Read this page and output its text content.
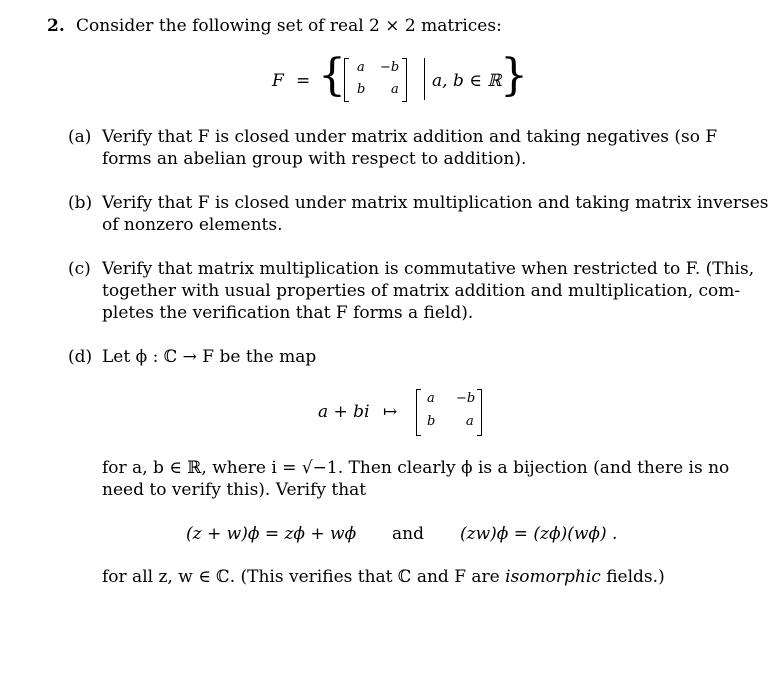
2. Consider the following set of real 2 × 2 matrices:
F = { a −b
b a a, b ∈ ℝ
}
(a) Verify that F is closed under matrix addition and taking negatives (so F
forms an abelian group with respect to addition).
(b) Verify that F is closed under matrix multiplication and taking matrix inverses
of nonzero elements.
(c) Verify that matrix multiplication is commutative when restricted to F. (This,
together with usual properties of matrix addition and multiplication, com-
pletes the verification that F forms a field).
(d) Let ϕ : ℂ → F be the map
a + bi ↦
a −b
b a
for a, b ∈ ℝ, where i = √−1. Then clearly ϕ is a bijection (and there is no
need to verify this). Verify that
(z + w)ϕ = zϕ + wϕ and (zw)ϕ = (zϕ)(wϕ) .
for all z, w ∈ ℂ. (This verifies that ℂ and F are isomorphic fields.)
